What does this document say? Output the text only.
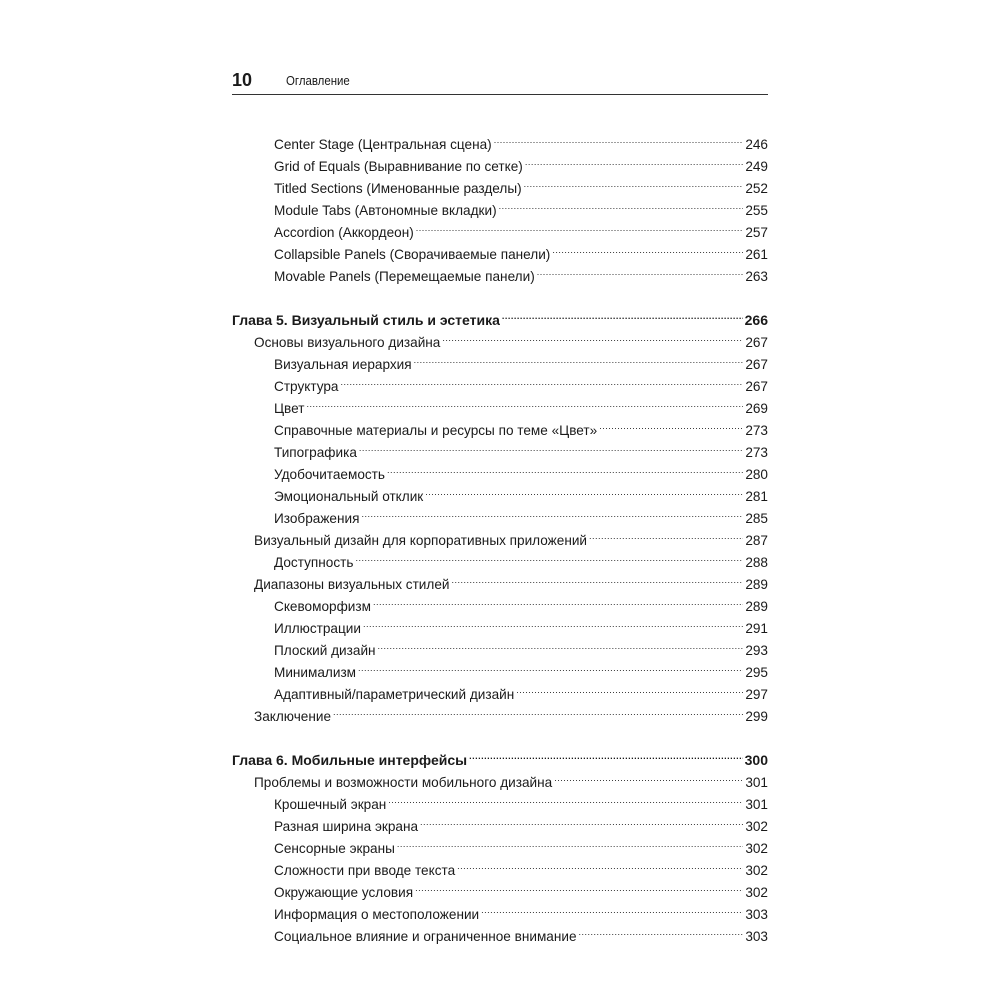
10	Оглавление
Center Stage (Центральная сцена) .....	246
Grid of Equals (Выравнивание по сетке) .....	249
Titled Sections (Именованные разделы) .....	252
Module Tabs (Автономные вкладки) .....	255
Accordion (Аккордеон) .....	257
Collapsible Panels (Сворачиваемые панели) .....	261
Movable Panels (Перемещаемые панели) .....	263
Глава 5. Визуальный стиль и эстетика .....	266
Основы визуального дизайна .....	267
Визуальная иерархия .....	267
Структура .....	267
Цвет .....	269
Справочные материалы и ресурсы по теме «Цвет» .....	273
Типографика .....	273
Удобочитаемость .....	280
Эмоциональный отклик .....	281
Изображения .....	285
Визуальный дизайн для корпоративных приложений .....	287
Доступность .....	288
Диапазоны визуальных стилей .....	289
Скевоморфизм .....	289
Иллюстрации .....	291
Плоский дизайн .....	293
Минимализм .....	295
Адаптивный/параметрический дизайн .....	297
Заключение .....	299
Глава 6. Мобильные интерфейсы .....	300
Проблемы и возможности мобильного дизайна .....	301
Крошечный экран .....	301
Разная ширина экрана .....	302
Сенсорные экраны .....	302
Сложности при вводе текста .....	302
Окружающие условия .....	302
Информация о местоположении .....	303
Социальное влияние и ограниченное внимание .....	303
